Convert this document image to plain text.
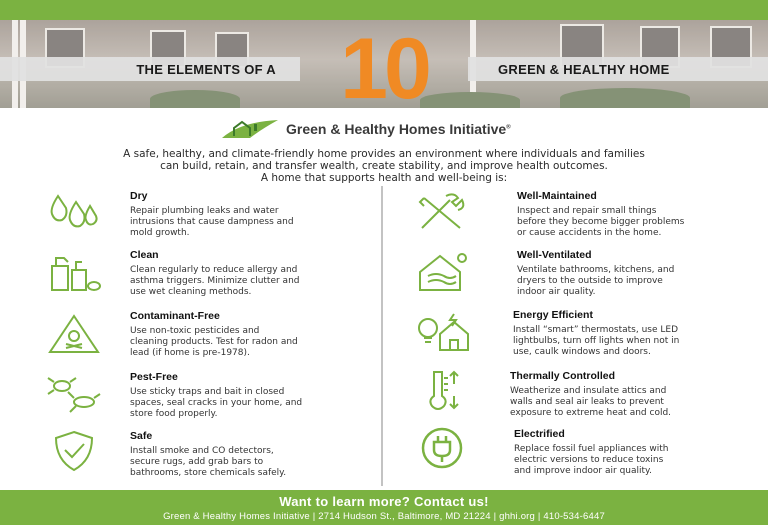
THE ELEMENTS OF A 10	GREEN & HEALTHY HOME
Green & Healthy Homes Initiative®
A safe, healthy, and climate-friendly home provides an environment where individuals and families
can build, retain, and transfer wealth, create stability, and improve health outcomes.
A home that supports health and well-being is:
Dry
Repair plumbing leaks and water
intrusions that cause dampness and
mold growth.
Clean
Clean regularly to reduce allergy and
asthma triggers. Minimize clutter and
use wet cleaning methods.
Contaminant-Free
Use non-toxic pesticides and
cleaning products. Test for radon and
lead (if home is pre-1978).
Pest-Free
Use sticky traps and bait in closed
spaces, seal cracks in your home, and
store food properly.
Safe
Install smoke and CO detectors,
secure rugs, add grab bars to
bathrooms, store chemicals safely.
Well-Maintained
Inspect and repair small things
before they become bigger problems
or cause accidents in the home.
Well-Ventilated
Ventilate bathrooms, kitchens, and
dryers to the outside to improve
indoor air quality.
Energy Efficient
Install “smart” thermostats, use LED
lightbulbs, turn off lights when not in
use, caulk windows and doors.
Thermally Controlled
Weatherize and insulate attics and
walls and seal air leaks to prevent
exposure to extreme heat and cold.
Electrified
Replace fossil fuel appliances with
electric versions to reduce toxins
and improve indoor air quality.
Want to learn more? Contact us!
Green & Healthy Homes Initiative | 2714 Hudson St., Baltimore, MD 21224 | ghhi.org | 410-534-6447
